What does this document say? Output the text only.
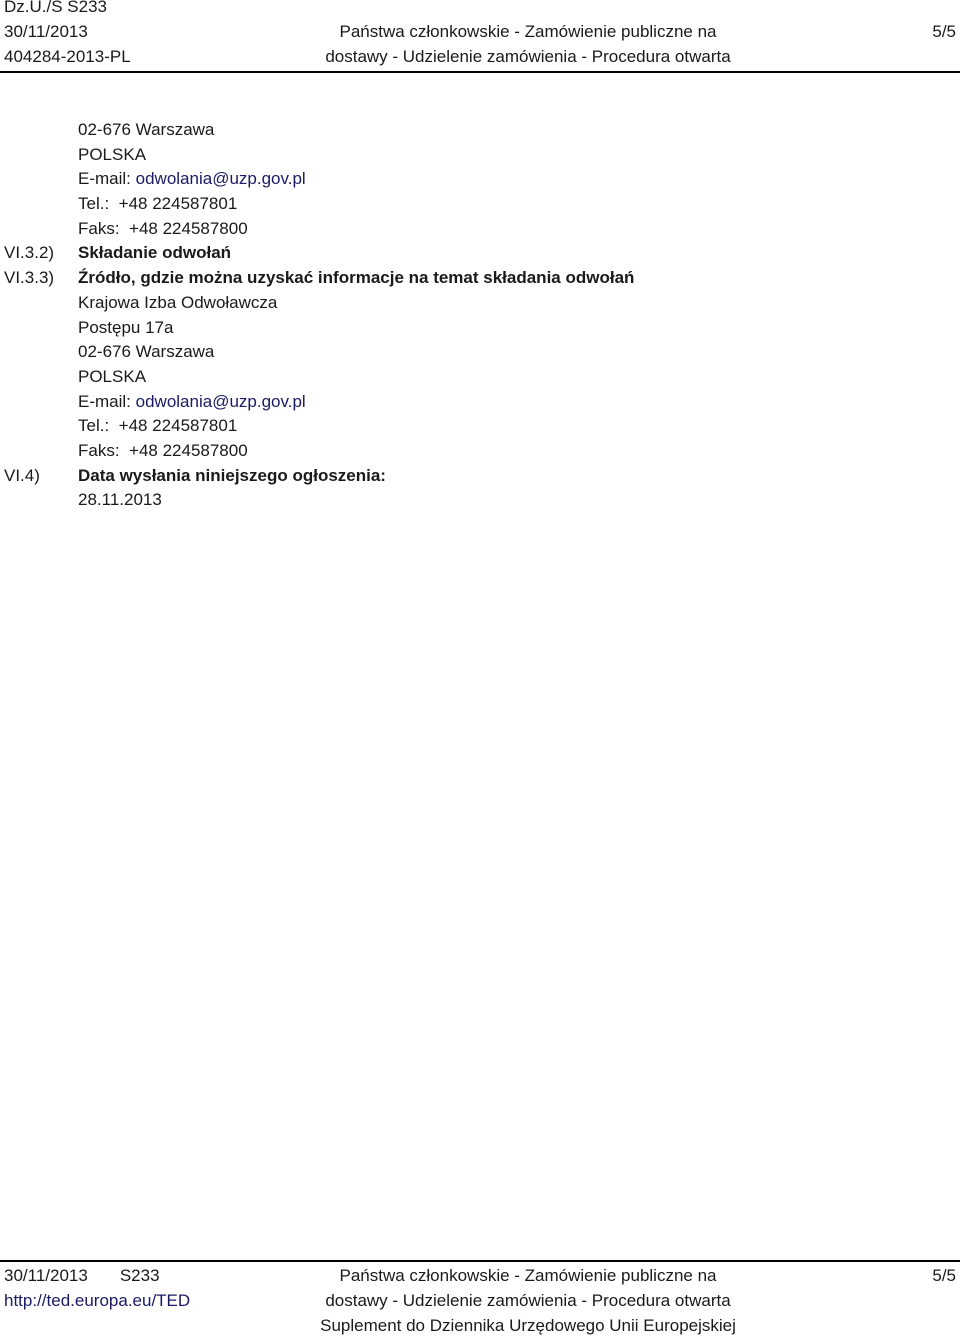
Dz.U./S S233
30/11/2013
404284-2013-PL
Państwa członkowskie - Zamówienie publiczne na
dostawy - Udzielenie zamówienia - Procedura otwarta
5/5
02-676 Warszawa
POLSKA
E-mail: odwolania@uzp.gov.pl
Tel.: +48 224587801
Faks: +48 224587800
VI.3.2)	Składanie odwołań
VI.3.3)	Źródło, gdzie można uzyskać informacje na temat składania odwołań
Krajowa Izba Odwoławcza
Postępu 17a
02-676 Warszawa
POLSKA
E-mail: odwolania@uzp.gov.pl
Tel.: +48 224587801
Faks: +48 224587800
VI.4)	Data wysłania niniejszego ogłoszenia:
28.11.2013
30/11/2013 S233
http://ted.europa.eu/TED
Państwa członkowskie - Zamówienie publiczne na
dostawy - Udzielenie zamówienia - Procedura otwarta
Suplement do Dziennika Urzędowego Unii Europejskiej
5/5
